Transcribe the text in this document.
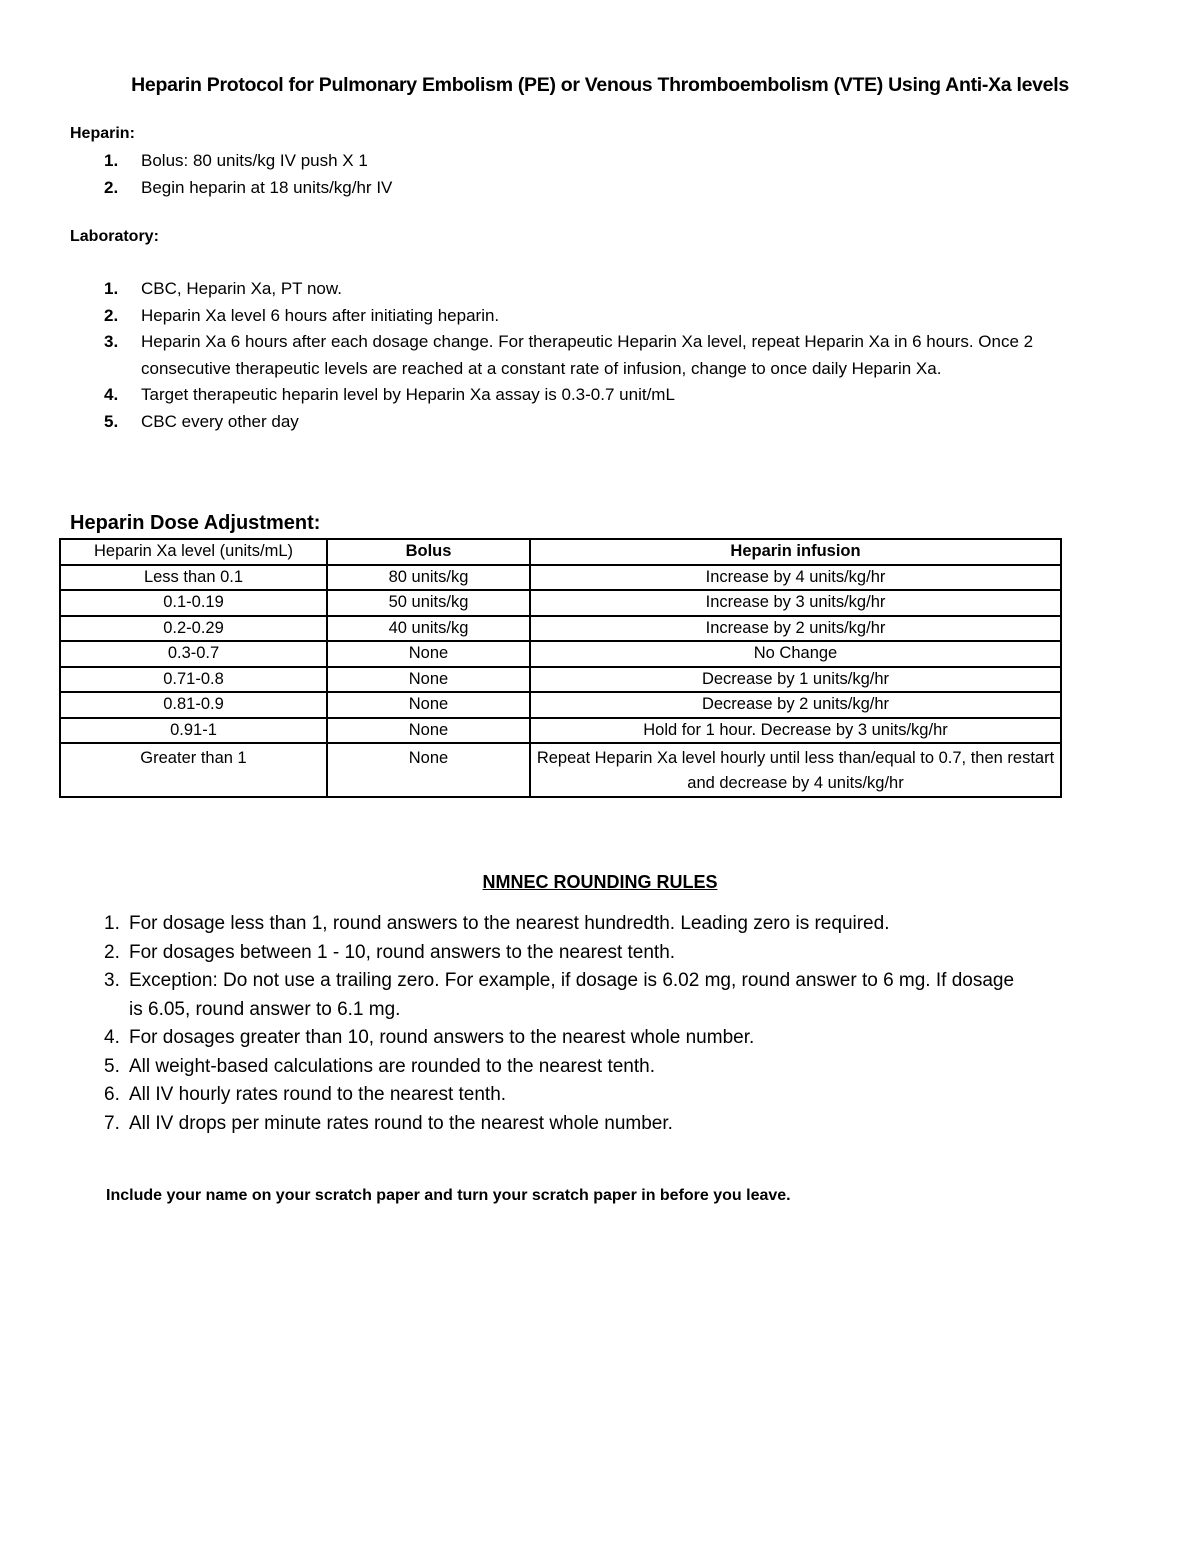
Heparin Protocol for Pulmonary Embolism (PE) or Venous Thromboembolism (VTE) Using Anti-Xa levels
Heparin:
1. Bolus: 80 units/kg IV push X 1
2. Begin heparin at 18 units/kg/hr IV
Laboratory:
1. CBC, Heparin Xa, PT now.
2. Heparin Xa level 6 hours after initiating heparin.
3. Heparin Xa 6 hours after each dosage change. For therapeutic Heparin Xa level, repeat Heparin Xa in 6 hours. Once 2 consecutive therapeutic levels are reached at a constant rate of infusion, change to once daily Heparin Xa.
4. Target therapeutic heparin level by Heparin Xa assay is 0.3-0.7 unit/mL
5. CBC every other day
Heparin Dose Adjustment:
Heparin Xa level (units/mL)	Bolus	Heparin infusion
Less than 0.1	80 units/kg	Increase by 4 units/kg/hr
0.1-0.19	50 units/kg	Increase by 3 units/kg/hr
0.2-0.29	40 units/kg	Increase by 2 units/kg/hr
0.3-0.7	None	No Change
0.71-0.8	None	Decrease by 1 units/kg/hr
0.81-0.9	None	Decrease by 2 units/kg/hr
0.91-1	None	Hold for 1 hour. Decrease by 3 units/kg/hr
Greater than 1	None	Repeat Heparin Xa level hourly until less than/equal to 0.7, then restart and decrease by 4 units/kg/hr
NMNEC ROUNDING RULES
1. For dosage less than 1, round answers to the nearest hundredth. Leading zero is required.
2. For dosages between 1 - 10, round answers to the nearest tenth.
3. Exception: Do not use a trailing zero. For example, if dosage is 6.02 mg, round answer to 6 mg. If dosage is 6.05, round answer to 6.1 mg.
4. For dosages greater than 10, round answers to the nearest whole number.
5. All weight-based calculations are rounded to the nearest tenth.
6. All IV hourly rates round to the nearest tenth.
7. All IV drops per minute rates round to the nearest whole number.
Include your name on your scratch paper and turn your scratch paper in before you leave.
